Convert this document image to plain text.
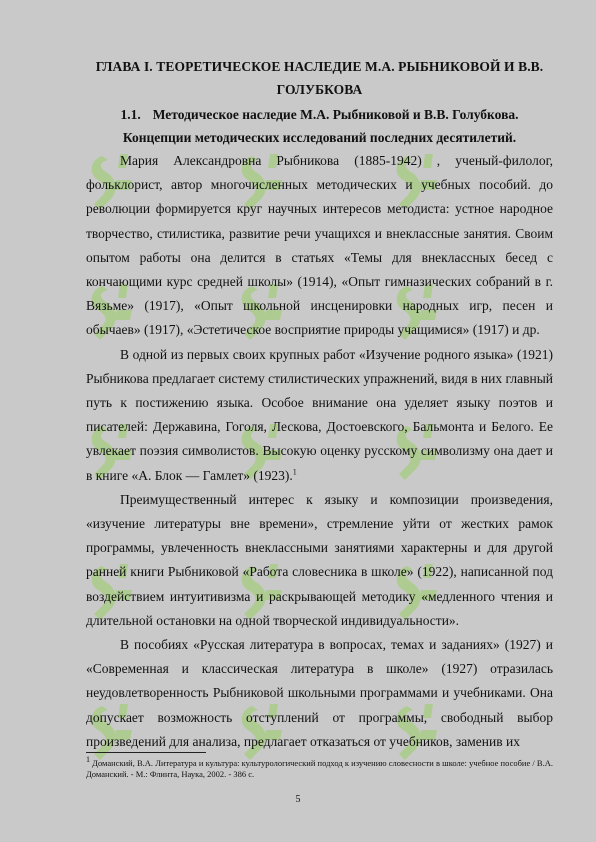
ГЛАВА I. ТЕОРЕТИЧЕСКОЕ НАСЛЕДИЕ М.А. РЫБНИКОВОЙ И В.В. ГОЛУБКОВА
1.1. Методическое наследие М.А. Рыбниковой и В.В. Голубкова.
Концепции методических исследований последних десятилетий.

Мария Александровна Рыбникова (1885-1942) , ученый-филолог, фольклорист, автор многочисленных методических и учебных пособий. до революции формируется круг научных интересов методиста: устное народное творчество, стилистика, развитие речи учащихся и внекласcные занятия. Своим опытом работы она делится в статьях «Темы для внеклассных бесед с кончающими курс средней школы» (1914), «Опыт гимназических собраний в г. Вязьме» (1917), «Опыт школьной инсценировки народных игр, песен и обычаев» (1917), «Эстетическое восприятие природы учащимися» (1917) и др.

В одной из первых своих крупных работ «Изучение родного языка» (1921) Рыбникова предлагает систему стилистических упражнений, видя в них главный путь к постижению языка. Особое внимание она уделяет языку поэтов и писателей: Державина, Гоголя, Лескова, Достоевского, Бальмонта и Белого. Ее увлекает поэзия символистов. Высокую оценку русскому символизму она дает и в книге «А. Блок — Гамлет» (1923).$^1$

Преимущественный интерес к языку и композиции произведения, «изучение литературы вне времени», стремление уйти от жестких рамок программы, увлеченность внеклассными занятиями характерны и для другой ранней книги Рыбниковой «Работа словесника в школе» (1922), написанной под воздействием интуитивизма и раскрывающей методику «медленного чтения и длительной остановки на одной творческой индивидуальности».

В пособиях «Русская литература в вопросах, темах и заданиях» (1927) и «Современная и классическая литература в школе» (1927) отразилась неудовлетворенность Рыбниковой школьными программами и учебниками. Она допускает возможность отступлений от программы, свободный выбор произведений для анализа, предлагает отказаться от учебников, заменив их

$^1$ Доманский, В.А. Литература и культура: культурологический подход к изучению словесности в школе: учебное пособие / В.А. Доманский. - М.: Флинта, Наука, 2002. - 386 с.
5
